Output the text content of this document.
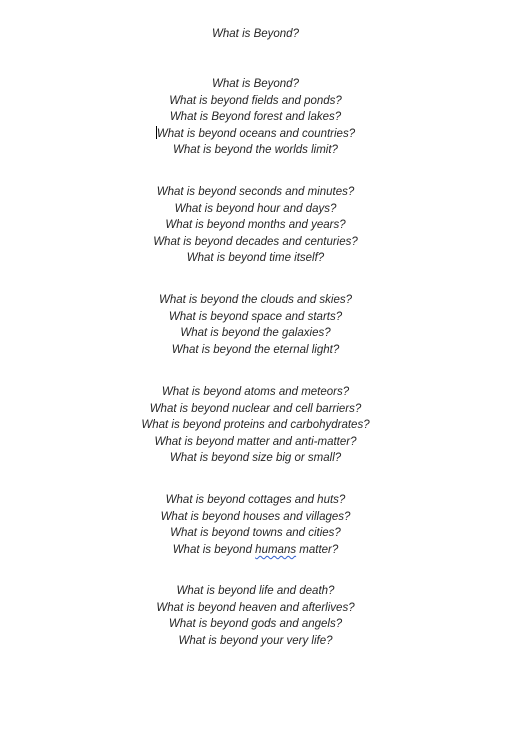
What is Beyond?
What is Beyond?
What is beyond fields and ponds?
What is Beyond forest and lakes?
What is beyond oceans and countries?
What is beyond the worlds limit?
What is beyond seconds and minutes?
What is beyond hour and days?
What is beyond months and years?
What is beyond decades and centuries?
What is beyond time itself?
What is beyond the clouds and skies?
What is beyond space and starts?
What is beyond the galaxies?
What is beyond the eternal light?
What is beyond atoms and meteors?
What is beyond nuclear and cell barriers?
What is beyond proteins and carbohydrates?
What is beyond matter and anti-matter?
What is beyond size big or small?
What is beyond cottages and huts?
What is beyond houses and villages?
What is beyond towns and cities?
What is beyond humans matter?
What is beyond life and death?
What is beyond heaven and afterlives?
What is beyond gods and angels?
What is beyond your very life?
